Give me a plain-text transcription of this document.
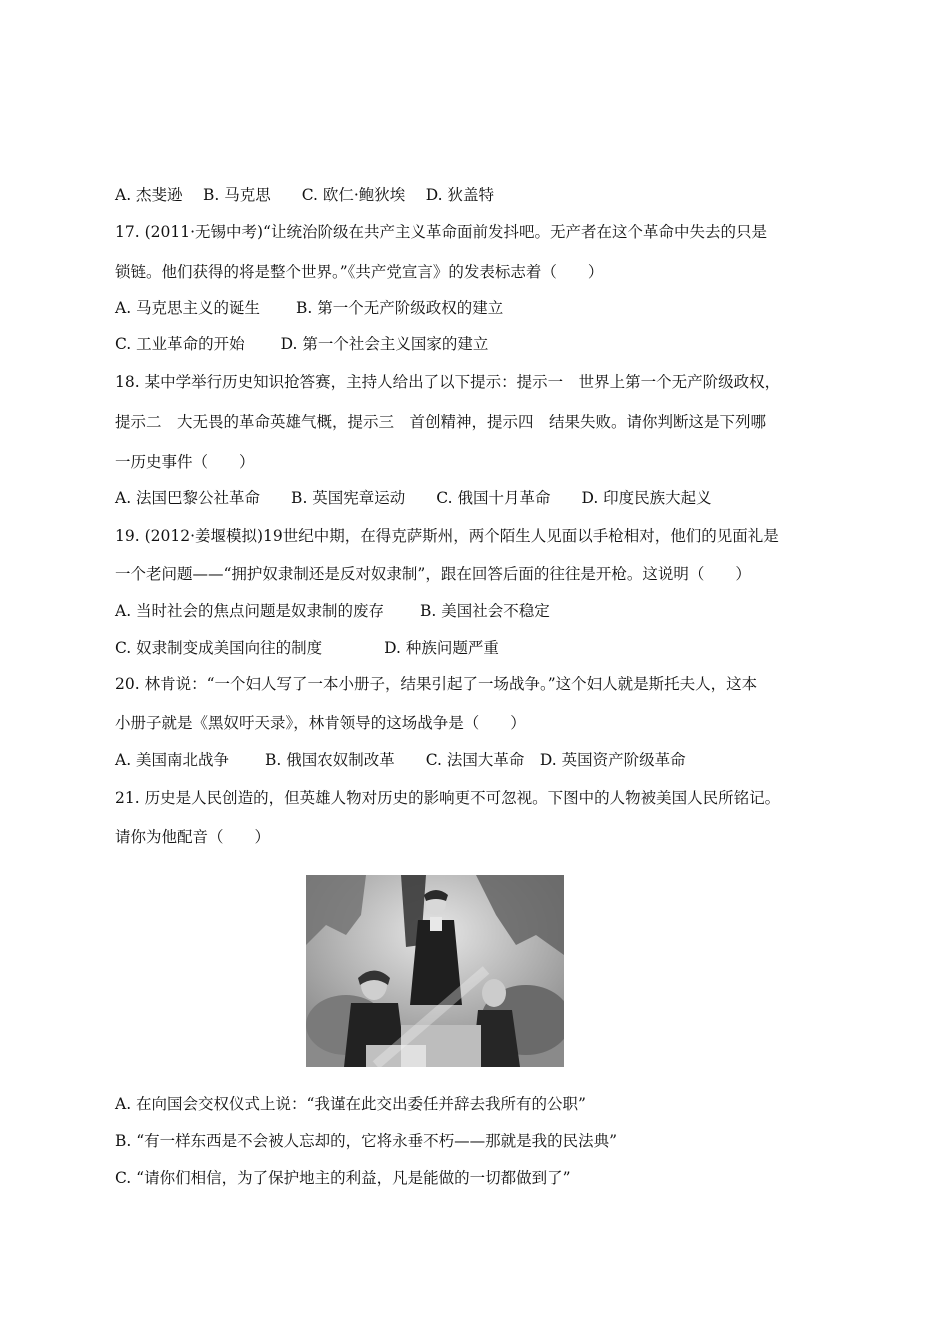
A. 杰斐逊　 B. 马克思　　C. 欧仁·鲍狄埃　 D. 狄盖特
17. (2011·无锡中考)“让统治阶级在共产主义革命面前发抖吧。无产者在这个革命中失去的只是
锁链。他们获得的将是整个世界。”《共产党宣言》的发表标志着（　　）
A. 马克思主义的诞生　　 B. 第一个无产阶级政权的建立
C. 工业革命的开始　　 D. 第一个社会主义国家的建立
18. 某中学举行历史知识抢答赛，主持人给出了以下提示：提示一　世界上第一个无产阶级政权，
提示二　大无畏的革命英雄气概，提示三　首创精神，提示四　结果失败。请你判断这是下列哪
一历史事件（　　）
A. 法国巴黎公社革命　　B. 英国宪章运动　　C. 俄国十月革命　　D. 印度民族大起义
19. (2012·姜堰模拟)19世纪中期，在得克萨斯州，两个陌生人见面以手枪相对，他们的见面礼是
一个老问题——“拥护奴隶制还是反对奴隶制”，跟在回答后面的往往是开枪。这说明（　　）
A. 当时社会的焦点问题是奴隶制的废存　　 B. 美国社会不稳定
C. 奴隶制变成美国向往的制度　　　　D. 种族问题严重
20. 林肯说：“一个妇人写了一本小册子，结果引起了一场战争。”这个妇人就是斯托夫人，这本
小册子就是《黑奴吁天录》，林肯领导的这场战争是（　　）
A. 美国南北战争　　 B. 俄国农奴制改革　　C. 法国大革命　D. 英国资产阶级革命
21. 历史是人民创造的，但英雄人物对历史的影响更不可忽视。下图中的人物被美国人民所铭记。
请你为他配音（　　）
A. 在向国会交权仪式上说：“我谨在此交出委任并辞去我所有的公职”
B. “有一样东西是不会被人忘却的，它将永垂不朽——那就是我的民法典”
C. “请你们相信，为了保护地主的利益，凡是能做的一切都做到了”
